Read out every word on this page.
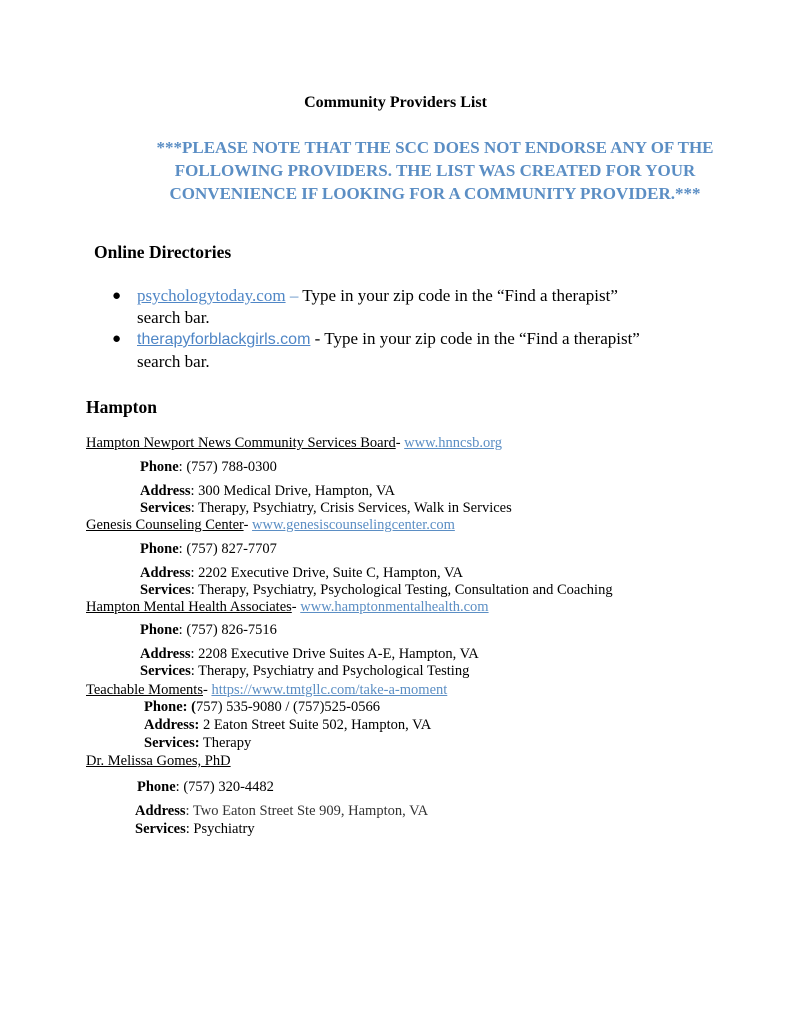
Community Providers List
***PLEASE NOTE THAT THE SCC DOES NOT ENDORSE ANY OF THE FOLLOWING PROVIDERS. THE LIST WAS CREATED FOR YOUR CONVENIENCE IF LOOKING FOR A COMMUNITY PROVIDER.***
Online Directories
● psychologytoday.com – Type in your zip code in the “Find a therapist”
search bar.
● therapyforblackgirls.com - Type in your zip code in the “Find a therapist”
search bar.
Hampton
Hampton Newport News Community Services Board- www.hnncsb.org
Phone: (757) 788-0300
Address: 300 Medical Drive, Hampton, VA
Services: Therapy, Psychiatry, Crisis Services, Walk in Services
Genesis Counseling Center- www.genesiscounselingcenter.com
Phone: (757) 827-7707
Address: 2202 Executive Drive, Suite C, Hampton, VA
Services: Therapy, Psychiatry, Psychological Testing, Consultation and Coaching
Hampton Mental Health Associates- www.hamptonmentalhealth.com
Phone: (757) 826-7516
Address: 2208 Executive Drive Suites A-E, Hampton, VA
Services: Therapy, Psychiatry and Psychological Testing
Teachable Moments- https://www.tmtgllc.com/take-a-moment
Phone: (757) 535-9080 / (757)525-0566
Address: 2 Eaton Street Suite 502, Hampton, VA
Services: Therapy
Dr. Melissa Gomes, PhD
Phone: (757) 320-4482
Address: Two Eaton Street Ste 909, Hampton, VA
Services: Psychiatry
